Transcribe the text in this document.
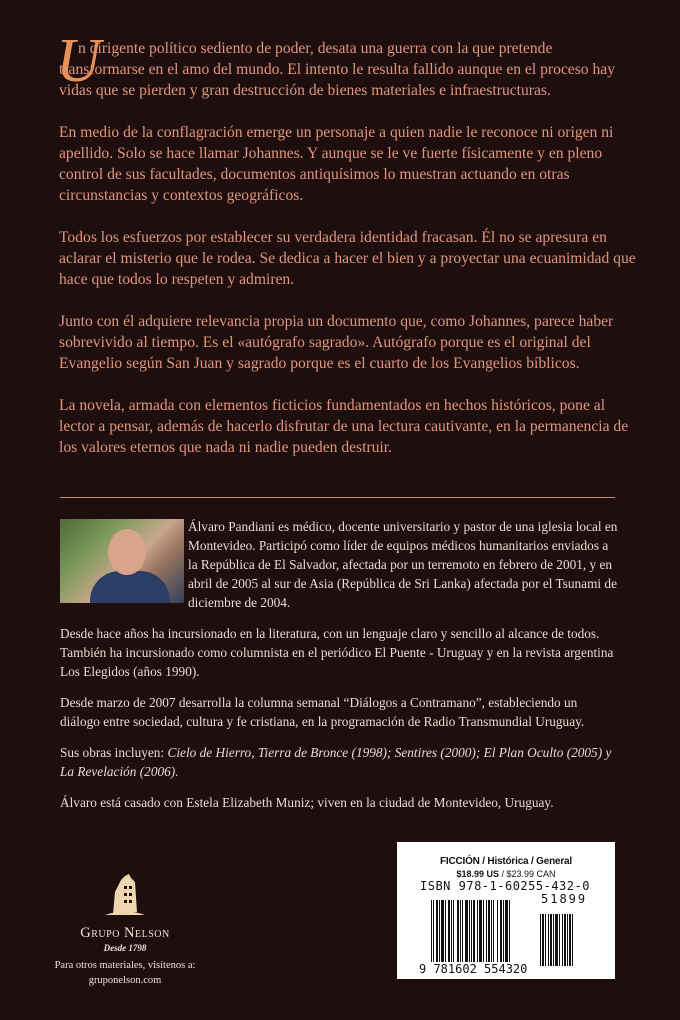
U
n dirigente político sediento de poder, desata una guerra con la que pretende transformarse en el amo del mundo. El intento le resulta fallido aunque en el proceso hay vidas que se pierden y gran destrucción de bienes materiales e infraestructuras.

En medio de la conflagración emerge un personaje a quien nadie le reconoce ni origen ni apellido. Solo se hace llamar Johannes. Y aunque se le ve fuerte físicamente y en pleno control de sus facultades, documentos antiquísimos lo muestran actuando en otras circunstancias y contextos geográficos.

Todos los esfuerzos por establecer su verdadera identidad fracasan. Él no se apresura en aclarar el misterio que le rodea. Se dedica a hacer el bien y a proyectar una ecuanimidad que hace que todos lo respeten y admiren.

Junto con él adquiere relevancia propia un documento que, como Johannes, parece haber sobrevivido al tiempo. Es el «autógrafo sagrado». Autógrafo porque es el original del Evangelio según San Juan y sagrado porque es el cuarto de los Evangelios bíblicos.

La novela, armada con elementos ficticios fundamentados en hechos históricos, pone al lector a pensar, además de hacerlo disfrutar de una lectura cautivante, en la permanencia de los valores eternos que nada ni nadie pueden destruir.

Álvaro Pandiani es médico, docente universitario y pastor de una iglesia local en Montevideo. Participó como líder de equipos médicos humanitarios enviados a la República de El Salvador, afectada por un terremoto en febrero de 2001, y en abril de 2005 al sur de Asia (República de Sri Lanka) afectada por el Tsunami de diciembre de 2004.

Desde hace años ha incursionado en la literatura, con un lenguaje claro y sencillo al alcance de todos. También ha incursionado como columnista en el periódico El Puente - Uruguay y en la revista argentina Los Elegidos (años 1990).

Desde marzo de 2007 desarrolla la columna semanal “Diálogos a Contramano”, estableciendo un diálogo entre sociedad, cultura y fe cristiana, en la programación de Radio Transmundial Uruguay.

Sus obras incluyen: Cielo de Hierro, Tierra de Bronce (1998); Sentires (2000); El Plan Oculto (2005) y La Revelación (2006).

Álvaro está casado con Estela Elizabeth Muniz; viven en la ciudad de Montevideo, Uruguay.

Grupo Nelson
Desde 1798
Para otros materiales, visítenos a:
gruponelson.com
FICCIÓN / Histórica / General
$18.99 US / $23.99 CAN
ISBN 978-1-60255-432-0
51899
9 781602 554320
